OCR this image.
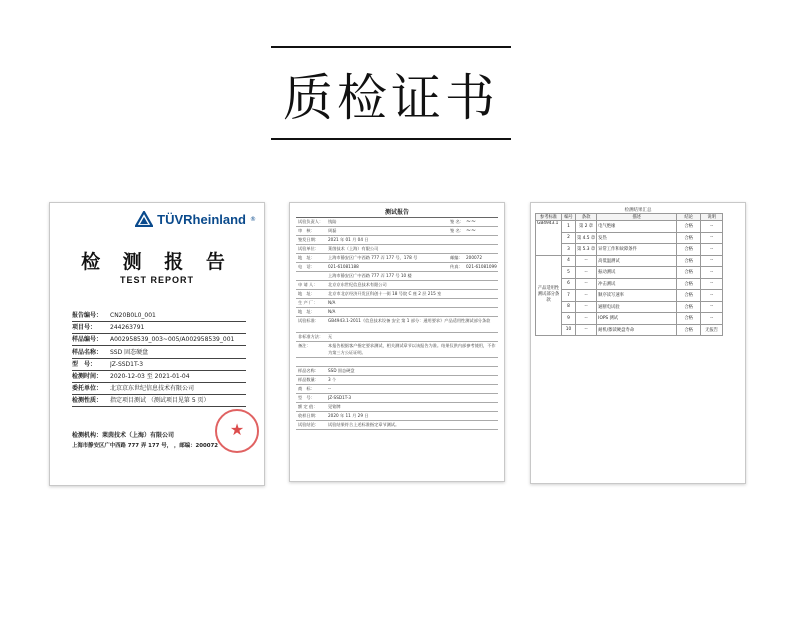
质检证书
TÜVRheinland ®
检 测 报 告
TEST REPORT
报告编号：	CN20B0L0_001
项目号：	244263791
样品编号：	A002958539_003~005/A002958539_001
样品名称：	SSD 固态硬盘
型　号：	JZ-SSD1T-3
检测时间：	2020-12-03 至 2021-01-04
委托单位：	北京京东世纪信息技术有限公司
检测性质：	指定项目测试 （测试项目见第 5 页）
检测机构：莱茵技术（上海）有限公司
上海市静安区广中西路 777 弄 177 号， ，邮编：200072
★
测试报告
试验负责人：	钱陆	签 名： ~~
审　核：	周磊	签 名： ~~
签发日期：	2021 年 01 月 04 日
试验单位：	莱茵技术（上海）有限公司
地　址：	上海市静安区广中西路 777 弄 177 号，178 号	邮编： 200072
电　话：	021-61081188	传真： 021-61081099
上海市静安区广中西路 777 弄 177 号 10 楼
申 请 人：	北京京东世纪信息技术有限公司
地　址：	北京市北京经济开发区科创十一街 18 号院 C 座 2 层 215 室
生 产 厂：	N/A
地　址：	N/A
试验标准：	GB4943.1-2011《信息技术设备 安全 第 1 部分：通用要求》产品适用性测试部分条款
非标准方法：	无
备注：	本报告根据客户指定要求测试，相关测试章节以该报告为准。结果仅供内部参考使用，不作为第三方公证证明。
样品名称：	SSD 固态硬盘
样品数量：	3 个
商　标：	--
型　号：	JZ-SSD1T-3
额 定 值：	见铭牌
收样日期：	2020 年 11 月 29 日
试验结论：	试验结果符合上述标准指定章节测试。
检测结果汇总
参考标准	编号	条款	描述	结论	说明
GB4943.1	1	第 2 章	电气绝缘	合格	--
	2	第 4.5 章	发热	合格	--
	3	第 5.3 章	异常工作和故障条件	合格	--
产品适用性测试部分条款	4	--	高低温测试	合格	--
	5	--	振动测试	合格	--
	6	--	冲击测试	合格	--
	7	--	顺序读写速率	合格	--
	8	--	通断电试验	合格	--
	9	--	IOPS 测试	合格	--
	10	--	耐机/擦读硬盘寿命	合格	无报告
